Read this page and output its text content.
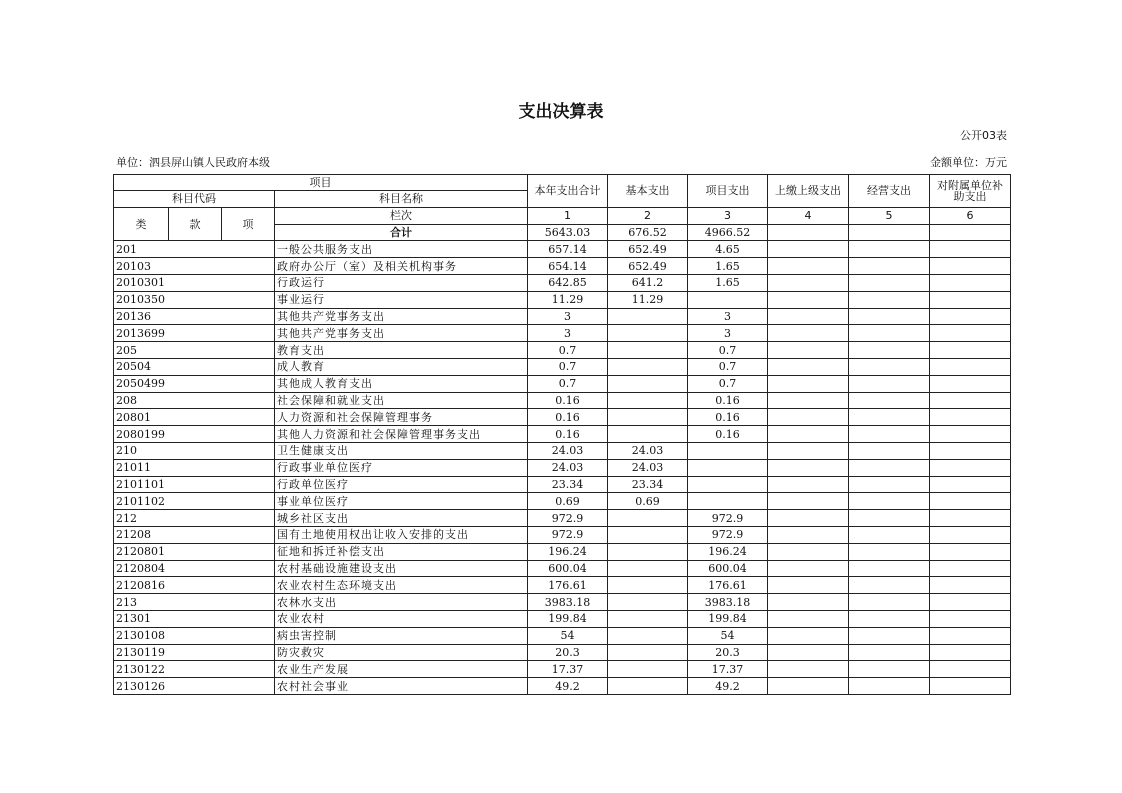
支出决算表
公开03表
单位：泗县屏山镇人民政府本级	金额单位：万元
项目				本年支出合计	基本支出	项目支出	上缴上级支出	经营支出	对附属单位补助支出
科目代码			科目名称						
类	款	项	栏次	1	2	3	4	5	6
			合计	5643.03	676.52	4966.52			
201			一般公共服务支出	657.14	652.49	4.65			
20103			政府办公厅（室）及相关机构事务	654.14	652.49	1.65			
2010301			行政运行	642.85	641.2	1.65			
2010350			事业运行	11.29	11.29				
20136			其他共产党事务支出	3		3			
2013699			其他共产党事务支出	3		3			
205			教育支出	0.7		0.7			
20504			成人教育	0.7		0.7			
2050499			其他成人教育支出	0.7		0.7			
208			社会保障和就业支出	0.16		0.16			
20801			人力资源和社会保障管理事务	0.16		0.16			
2080199			其他人力资源和社会保障管理事务支出	0.16		0.16			
210			卫生健康支出	24.03	24.03				
21011			行政事业单位医疗	24.03	24.03				
2101101			行政单位医疗	23.34	23.34				
2101102			事业单位医疗	0.69	0.69				
212			城乡社区支出	972.9		972.9			
21208			国有土地使用权出让收入安排的支出	972.9		972.9			
2120801			征地和拆迁补偿支出	196.24		196.24			
2120804			农村基础设施建设支出	600.04		600.04			
2120816			农业农村生态环境支出	176.61		176.61			
213			农林水支出	3983.18		3983.18			
21301			农业农村	199.84		199.84			
2130108			病虫害控制	54		54			
2130119			防灾救灾	20.3		20.3			
2130122			农业生产发展	17.37		17.37			
2130126			农村社会事业	49.2		49.2			
